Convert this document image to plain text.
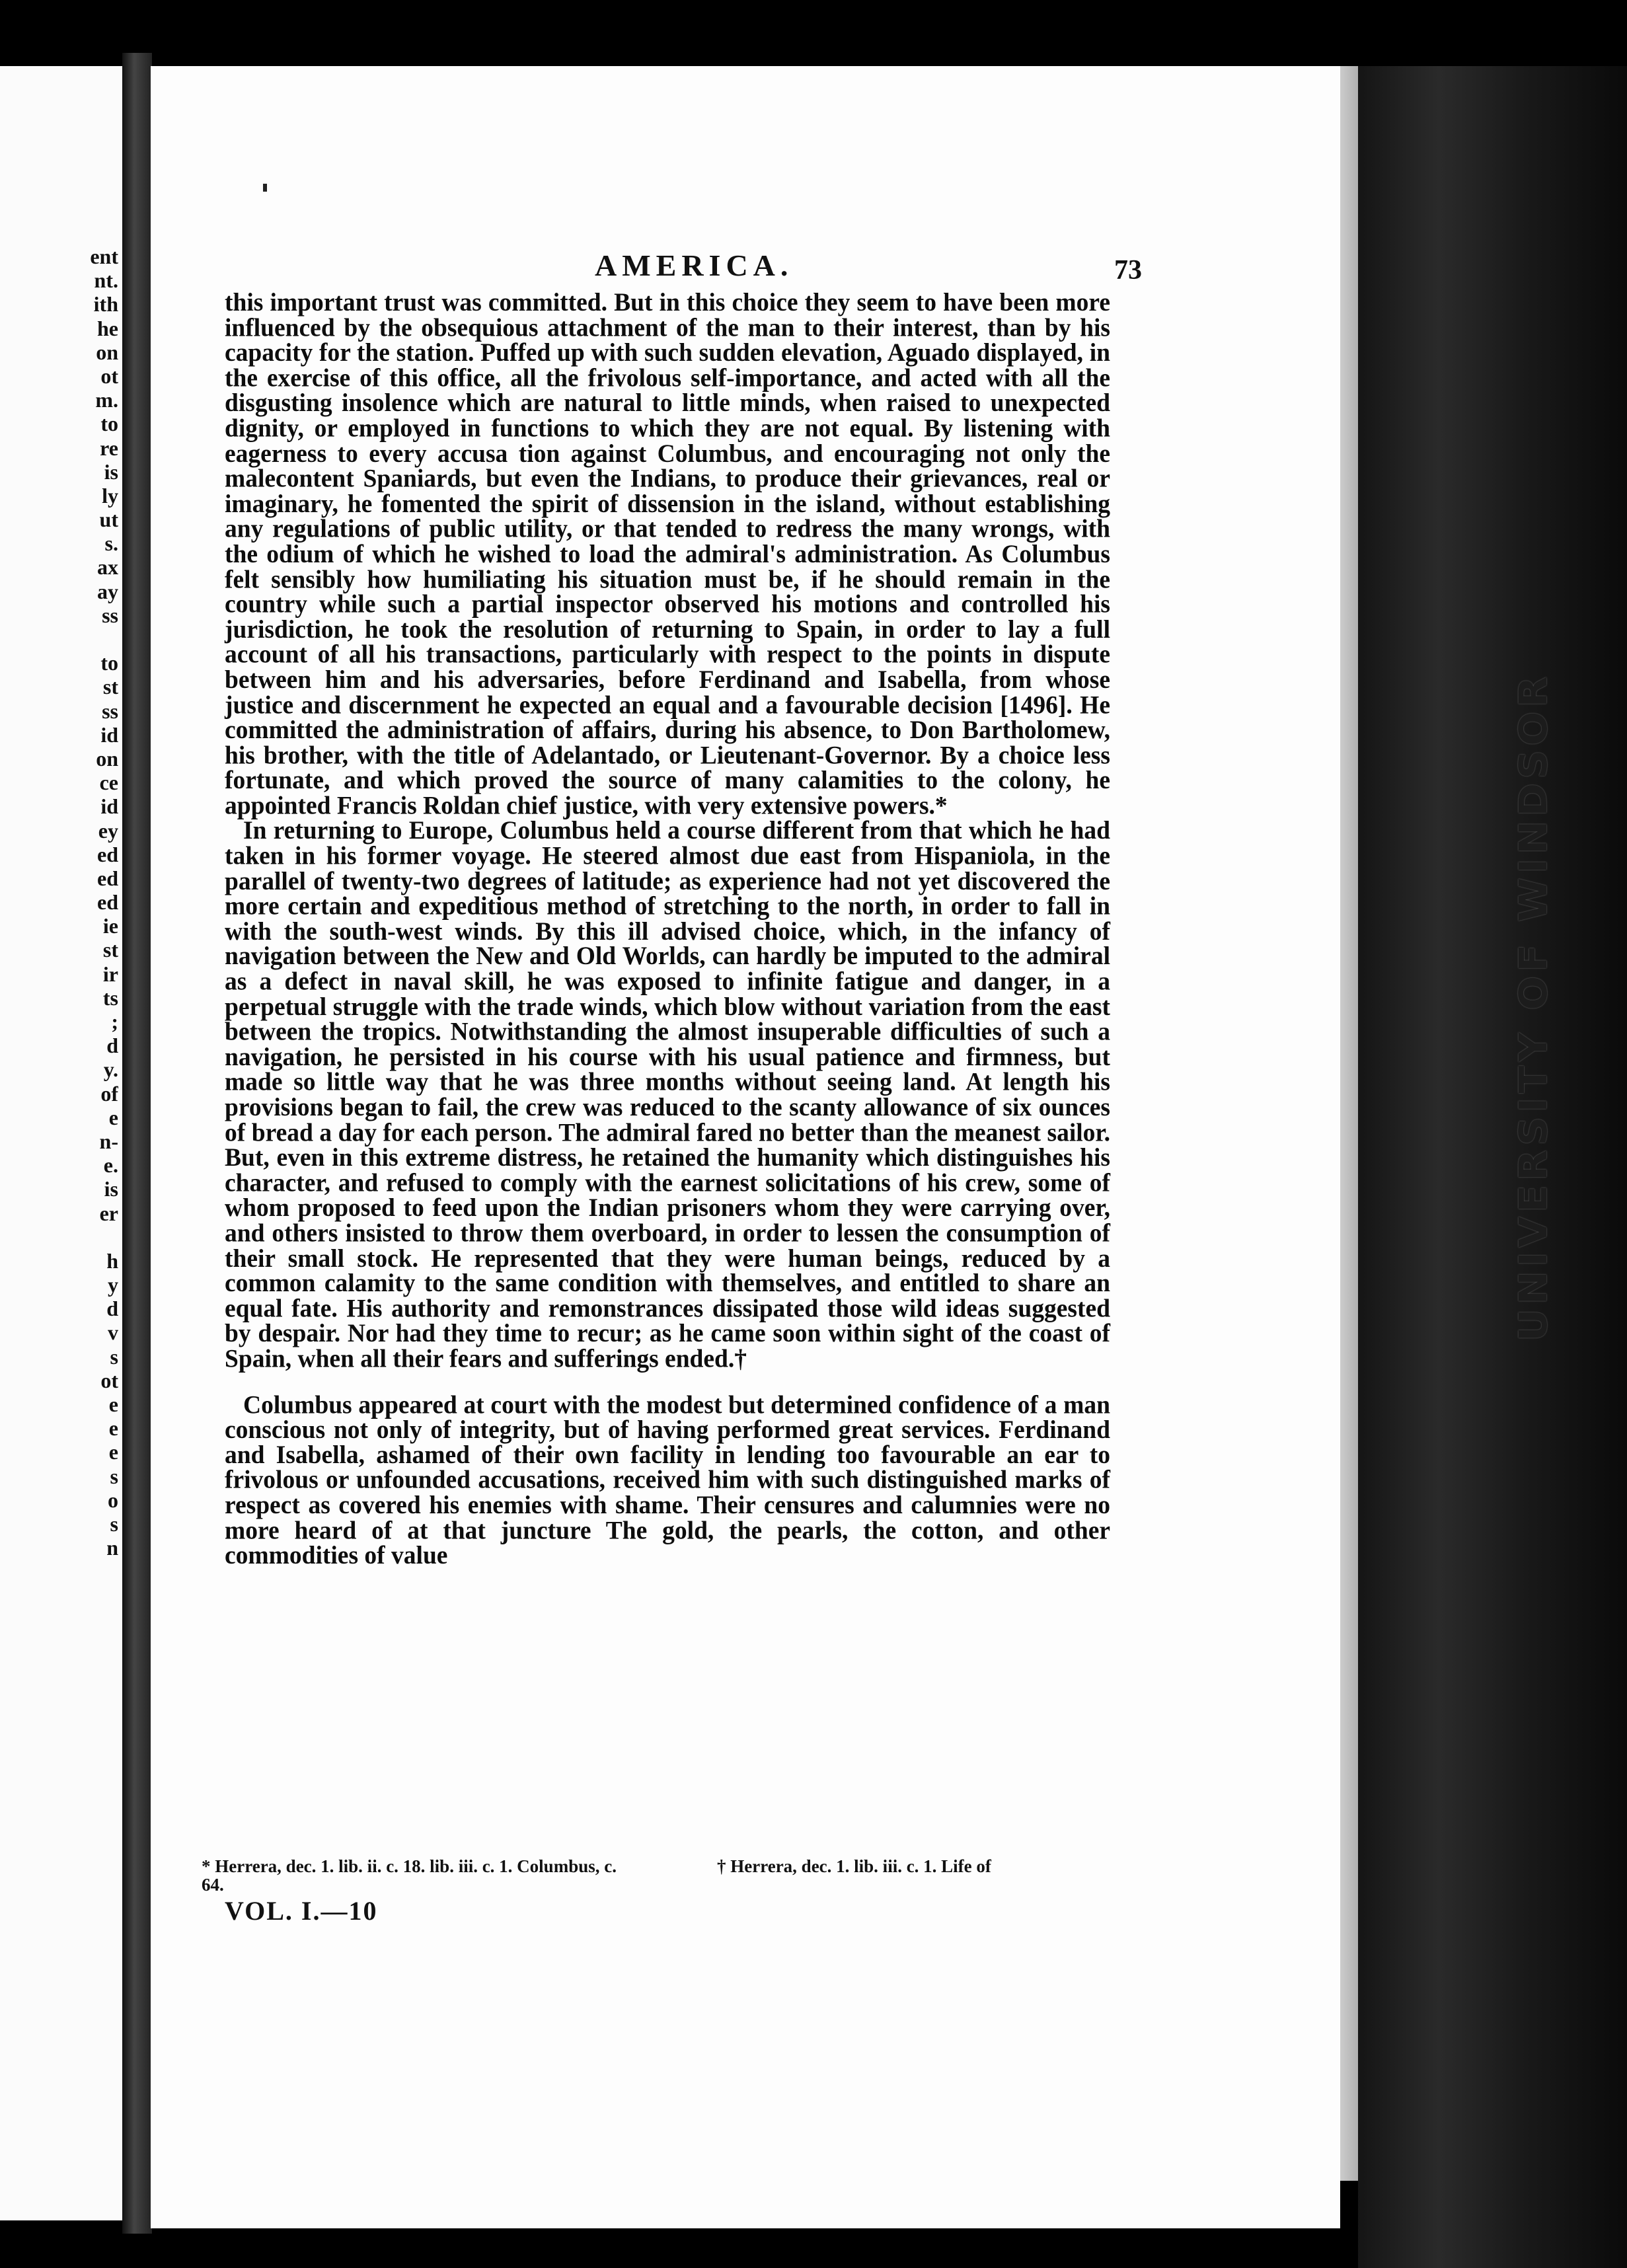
ent
nt.
ith
he
on
ot
m.
to
re
is
ly
ut
s.
ax
ay
ss
to
st
ss
id
on
ce
id
ey
ed
ed
ed
ie
st
ir
ts
;
d
y.
of
e
n-
e.
is
er
h
y
d
v
s
ot
e
e
e
s
o
s
n
UNIVERSITY OF WINDSOR
AMERICA.	73

this important trust was committed. But in this choice they seem to have been more influenced by the obsequious attachment of the man to their interest, than by his capacity for the station. Puffed up with such sudden elevation, Aguado displayed, in the exercise of this office, all the frivolous self-importance, and acted with all the disgusting insolence which are natural to little minds, when raised to unexpected dignity, or employed in functions to which they are not equal. By listening with eagerness to every accusa tion against Columbus, and encouraging not only the malecontent Spaniards, but even the Indians, to produce their grievances, real or imaginary, he fomented the spirit of dissension in the island, without establishing any regulations of public utility, or that tended to redress the many wrongs, with the odium of which he wished to load the admiral's administration. As Columbus felt sensibly how humiliating his situation must be, if he should remain in the country while such a partial inspector observed his motions and controlled his jurisdiction, he took the resolution of returning to Spain, in order to lay a full account of all his transactions, particularly with respect to the points in dispute between him and his adversaries, before Ferdinand and Isabella, from whose justice and discernment he expected an equal and a favourable decision [1496]. He committed the administration of affairs, during his absence, to Don Bartholomew, his brother, with the title of Adelantado, or Lieutenant-Governor. By a choice less fortunate, and which proved the source of many calamities to the colony, he appointed Francis Roldan chief justice, with very extensive powers.*

In returning to Europe, Columbus held a course different from that which he had taken in his former voyage. He steered almost due east from Hispaniola, in the parallel of twenty-two degrees of latitude; as experience had not yet discovered the more certain and expeditious method of stretching to the north, in order to fall in with the south-west winds. By this ill advised choice, which, in the infancy of navigation between the New and Old Worlds, can hardly be imputed to the admiral as a defect in naval skill, he was exposed to infinite fatigue and danger, in a perpetual struggle with the trade winds, which blow without variation from the east between the tropics. Notwithstanding the almost insuperable difficulties of such a navigation, he persisted in his course with his usual patience and firmness, but made so little way that he was three months without seeing land. At length his provisions began to fail, the crew was reduced to the scanty allowance of six ounces of bread a day for each person. The admiral fared no better than the meanest sailor. But, even in this extreme distress, he retained the humanity which distinguishes his character, and refused to comply with the earnest solicitations of his crew, some of whom proposed to feed upon the Indian prisoners whom they were carrying over, and others insisted to throw them overboard, in order to lessen the consumption of their small stock. He represented that they were human beings, reduced by a common calamity to the same condition with themselves, and entitled to share an equal fate. His authority and remonstrances dissipated those wild ideas suggested by despair. Nor had they time to recur; as he came soon within sight of the coast of Spain, when all their fears and sufferings ended.†

Columbus appeared at court with the modest but determined confidence of a man conscious not only of integrity, but of having performed great services. Ferdinand and Isabella, ashamed of their own facility in lending too favourable an ear to frivolous or unfounded accusations, received him with such distinguished marks of respect as covered his enemies with shame. Their censures and calumnies were no more heard of at that juncture The gold, the pearls, the cotton, and other commodities of value

* Herrera, dec. 1. lib. ii. c. 18. lib. iii. c. 1. Columbus, c. 64.
† Herrera, dec. 1. lib. iii. c. 1. Life of
VOL. I.—10
